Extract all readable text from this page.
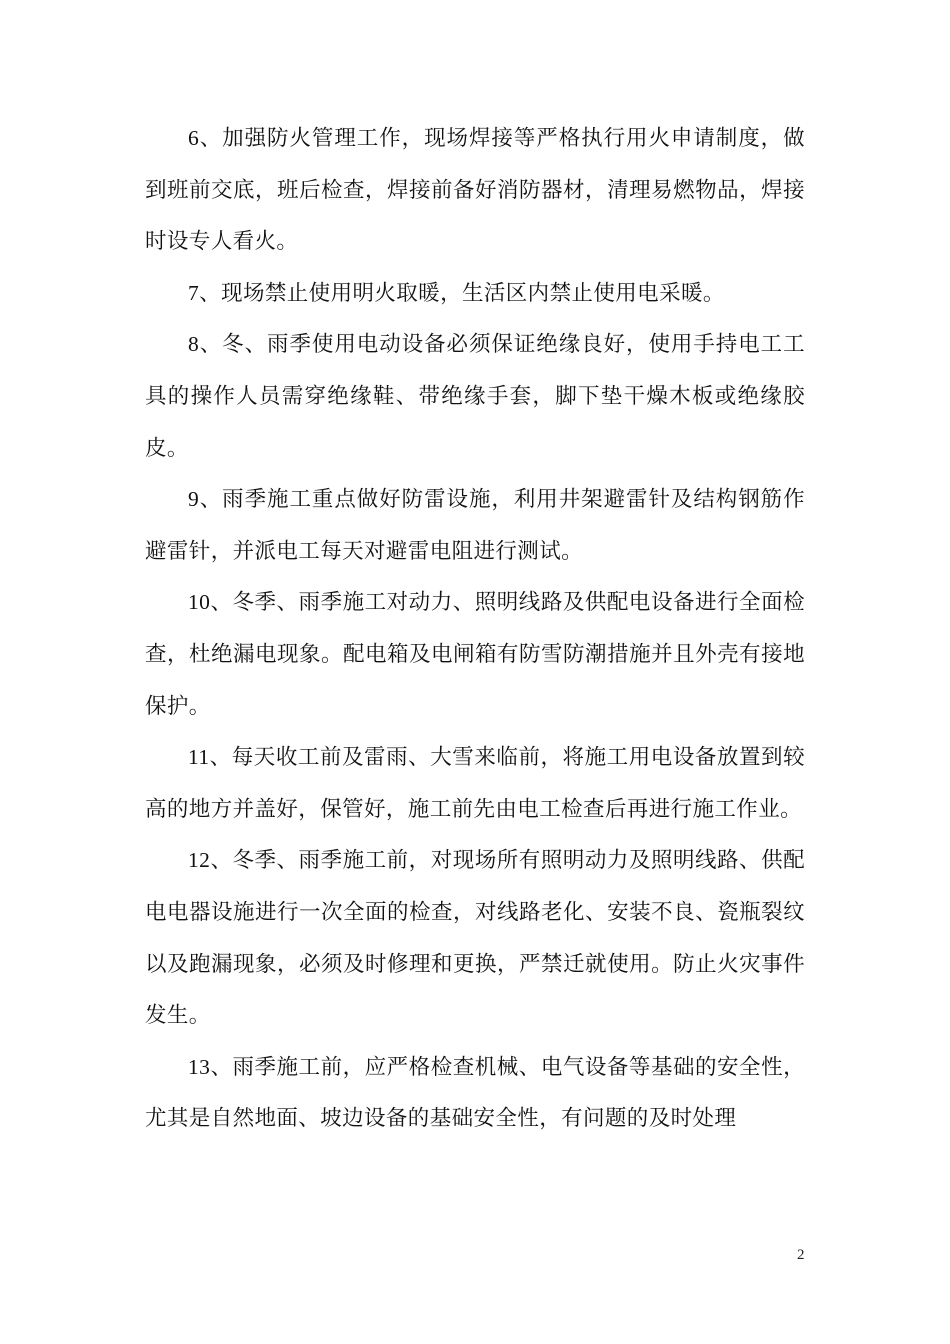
6、加强防火管理工作，现场焊接等严格执行用火申请制度，做到班前交底，班后检查，焊接前备好消防器材，清理易燃物品，焊接时设专人看火。

7、现场禁止使用明火取暖，生活区内禁止使用电采暖。

8、冬、雨季使用电动设备必须保证绝缘良好，使用手持电工工具的操作人员需穿绝缘鞋、带绝缘手套，脚下垫干燥木板或绝缘胶皮。

9、雨季施工重点做好防雷设施，利用井架避雷针及结构钢筋作避雷针，并派电工每天对避雷电阻进行测试。

10、冬季、雨季施工对动力、照明线路及供配电设备进行全面检查，杜绝漏电现象。配电箱及电闸箱有防雪防潮措施并且外壳有接地保护。

11、每天收工前及雷雨、大雪来临前，将施工用电设备放置到较高的地方并盖好，保管好，施工前先由电工检查后再进行施工作业。

12、冬季、雨季施工前，对现场所有照明动力及照明线路、供配电电器设施进行一次全面的检查，对线路老化、安装不良、瓷瓶裂纹以及跑漏现象，必须及时修理和更换，严禁迁就使用。防止火灾事件发生。

13、雨季施工前，应严格检查机械、电气设备等基础的安全性，尤其是自然地面、坡边设备的基础安全性，有问题的及时处理

2
